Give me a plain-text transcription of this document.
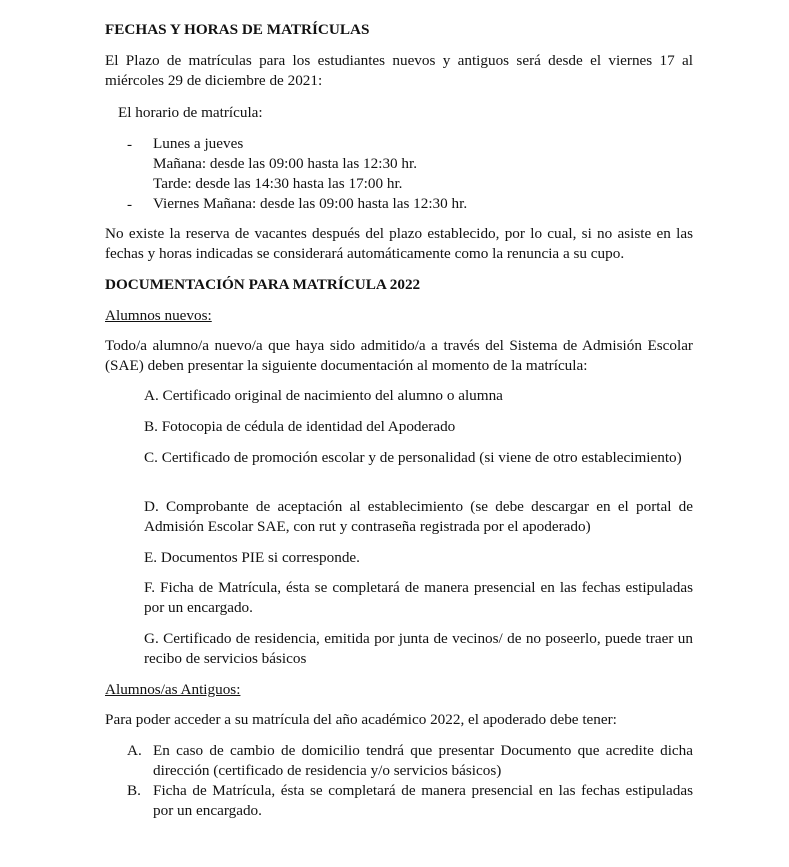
FECHAS Y HORAS DE MATRÍCULAS
El Plazo de matrículas para los estudiantes nuevos y antiguos será desde el viernes 17 al miércoles 29 de diciembre de 2021:
El horario de matrícula:
- Lunes a jueves
Mañana: desde las 09:00 hasta las 12:30 hr.
Tarde: desde las 14:30 hasta las 17:00 hr.
- Viernes Mañana: desde las 09:00 hasta las 12:30 hr.
No existe la reserva de vacantes después del plazo establecido, por lo cual, si no asiste en las fechas y horas indicadas se considerará automáticamente como la renuncia a su cupo.
DOCUMENTACIÓN PARA MATRÍCULA 2022
Alumnos nuevos:
Todo/a alumno/a nuevo/a que haya sido admitido/a a través del Sistema de Admisión Escolar (SAE) deben presentar la siguiente documentación al momento de la matrícula:
A. Certificado original de nacimiento del alumno o alumna
B. Fotocopia de cédula de identidad del Apoderado
C. Certificado de promoción escolar y de personalidad (si viene de otro establecimiento)
D. Comprobante de aceptación al establecimiento (se debe descargar en el portal de Admisión Escolar SAE, con rut y contraseña registrada por el apoderado)
E. Documentos PIE si corresponde.
F. Ficha de Matrícula, ésta se completará de manera presencial en las fechas estipuladas por un encargado.
G. Certificado de residencia, emitida por junta de vecinos/ de no poseerlo, puede traer un recibo de servicios básicos
Alumnos/as Antiguos:
Para poder acceder a su matrícula del año académico 2022, el apoderado debe tener:
A. En caso de cambio de domicilio tendrá que presentar Documento que acredite dicha dirección (certificado de residencia y/o servicios básicos)
B. Ficha de Matrícula, ésta se completará de manera presencial en las fechas estipuladas por un encargado.
